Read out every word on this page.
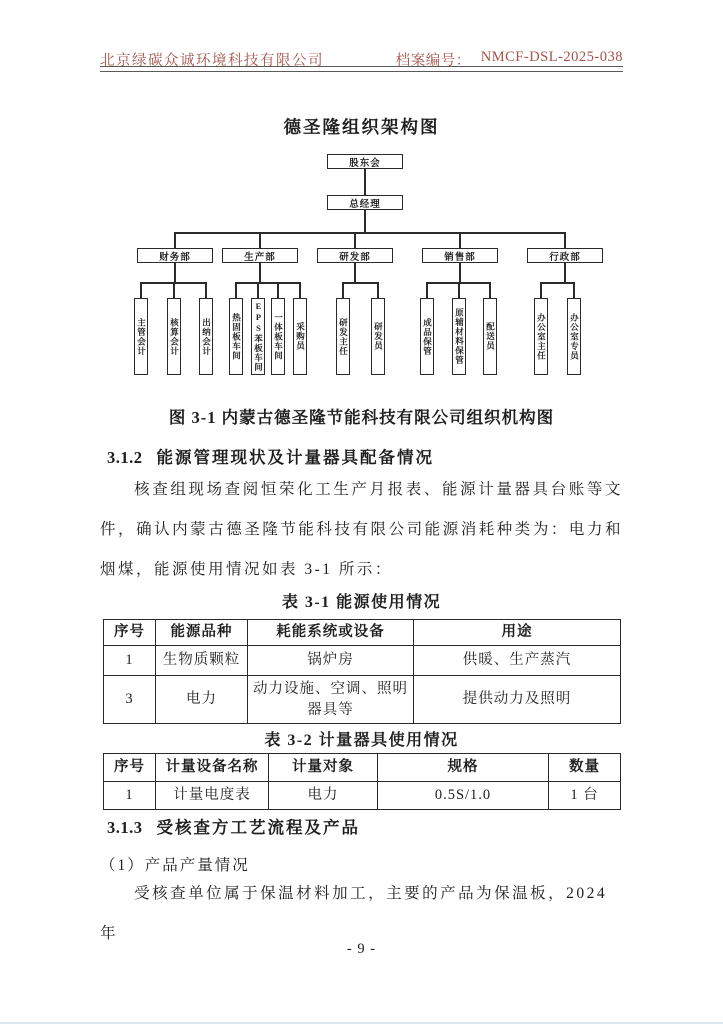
北京绿碳众诚环境科技有限公司	档案编号： NMCF-DSL-2025-038
德圣隆组织架构图
股东会
总经理
财务部	生产部	研发部	销售部	行政部
主管会计	核算会计	出纳会计 热固板车间 EPS苯板车间 一体板车间 采购员	研发主任	研发员	成品保管	原辅材料保管 配送员	办公室主任	办公室专员
图 3-1 内蒙古德圣隆节能科技有限公司组织机构图
3.1.2 能源管理现状及计量器具配备情况
核查组现场查阅恒荣化工生产月报表、能源计量器具台账等文件，确认内蒙古德圣隆节能科技有限公司能源消耗种类为：电力和烟煤，能源使用情况如表 3-1 所示：
表 3-1 能源使用情况
序号	能源品种	耗能系统或设备	用途
1	生物质颗粒	锅炉房	供暖、生产蒸汽
3	电力	动力设施、空调、照明器具等	提供动力及照明
表 3-2 计量器具使用情况
序号	计量设备名称	计量对象	规格	数量
1	计量电度表	电力	0.5S/1.0	1 台
3.1.3 受核查方工艺流程及产品
（1）产品产量情况
受核查单位属于保温材料加工，主要的产品为保温板，2024 年
- 9 -
